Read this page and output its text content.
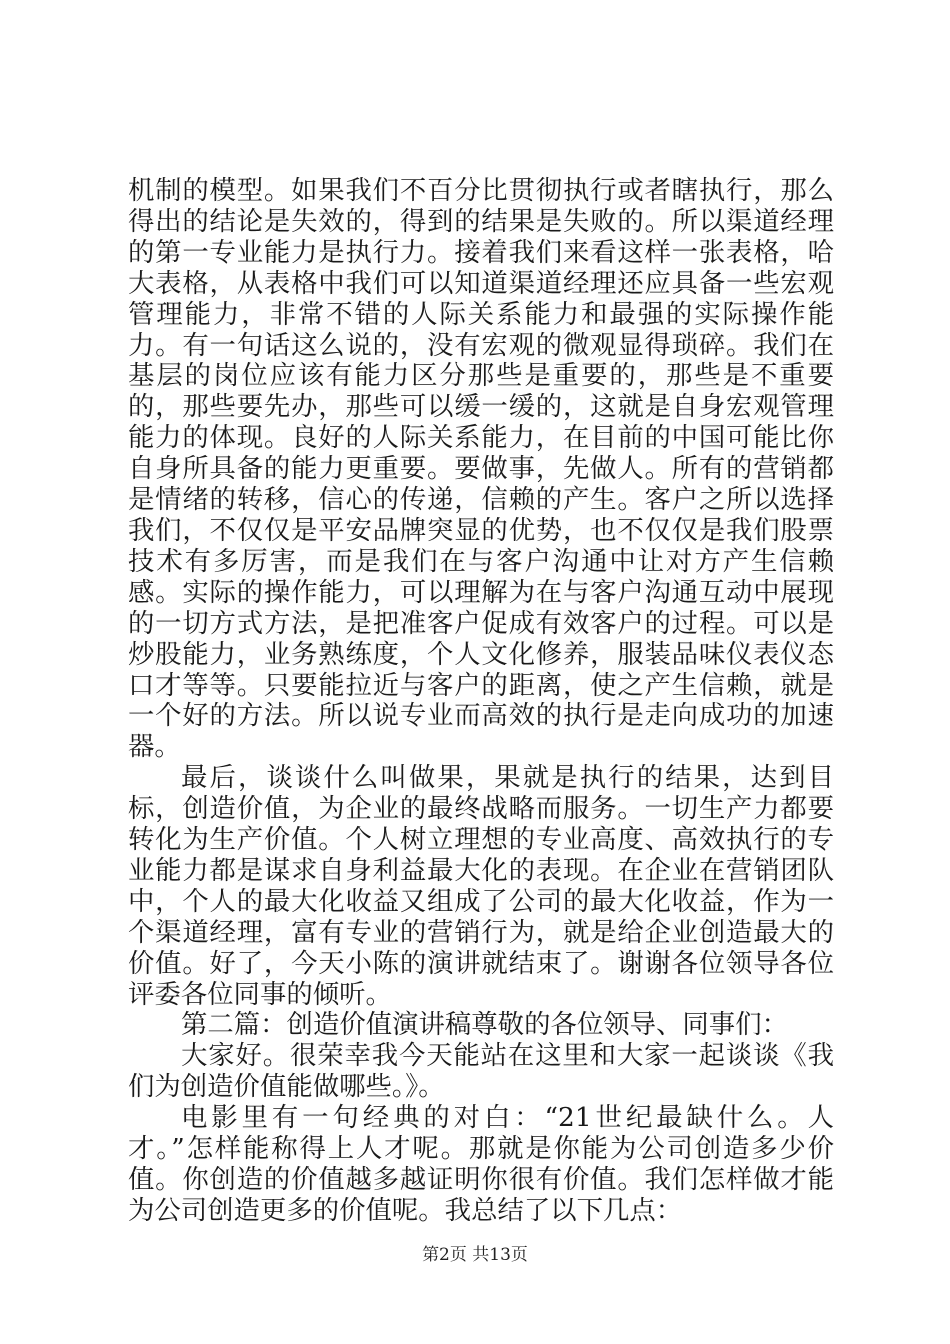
机制的模型。如果我们不百分比贯彻执行或者瞎执行，那么得出的结论是失效的，得到的结果是失败的。所以渠道经理的第一专业能力是执行力。接着我们来看这样一张表格，哈大表格，从表格中我们可以知道渠道经理还应具备一些宏观管理能力，非常不错的人际关系能力和最强的实际操作能力。有一句话这么说的，没有宏观的微观显得琐碎。我们在基层的岗位应该有能力区分那些是重要的，那些是不重要的，那些要先办，那些可以缓一缓的，这就是自身宏观管理能力的体现。良好的人际关系能力，在目前的中国可能比你自身所具备的能力更重要。要做事，先做人。所有的营销都是情绪的转移，信心的传递，信赖的产生。客户之所以选择我们，不仅仅是平安品牌突显的优势，也不仅仅是我们股票技术有多厉害，而是我们在与客户沟通中让对方产生信赖感。实际的操作能力，可以理解为在与客户沟通互动中展现的一切方式方法，是把准客户促成有效客户的过程。可以是炒股能力，业务熟练度，个人文化修养，服装品味仪表仪态口才等等。只要能拉近与客户的距离，使之产生信赖，就是一个好的方法。所以说专业而高效的执行是走向成功的加速器。

最后，谈谈什么叫做果，果就是执行的结果，达到目标，创造价值，为企业的最终战略而服务。一切生产力都要转化为生产价值。个人树立理想的专业高度、高效执行的专业能力都是谋求自身利益最大化的表现。在企业在营销团队中，个人的最大化收益又组成了公司的最大化收益，作为一个渠道经理，富有专业的营销行为，就是给企业创造最大的价值。好了，今天小陈的演讲就结束了。谢谢各位领导各位评委各位同事的倾听。

第二篇：创造价值演讲稿尊敬的各位领导、同事们：

大家好。很荣幸我今天能站在这里和大家一起谈谈《我们为创造价值能做哪些。》。

电影里有一句经典的对白：“21世纪最缺什么。人才。”怎样能称得上人才呢。那就是你能为公司创造多少价值。你创造的价值越多越证明你很有价值。我们怎样做才能为公司创造更多的价值呢。我总结了以下几点：

第2页 共13页
